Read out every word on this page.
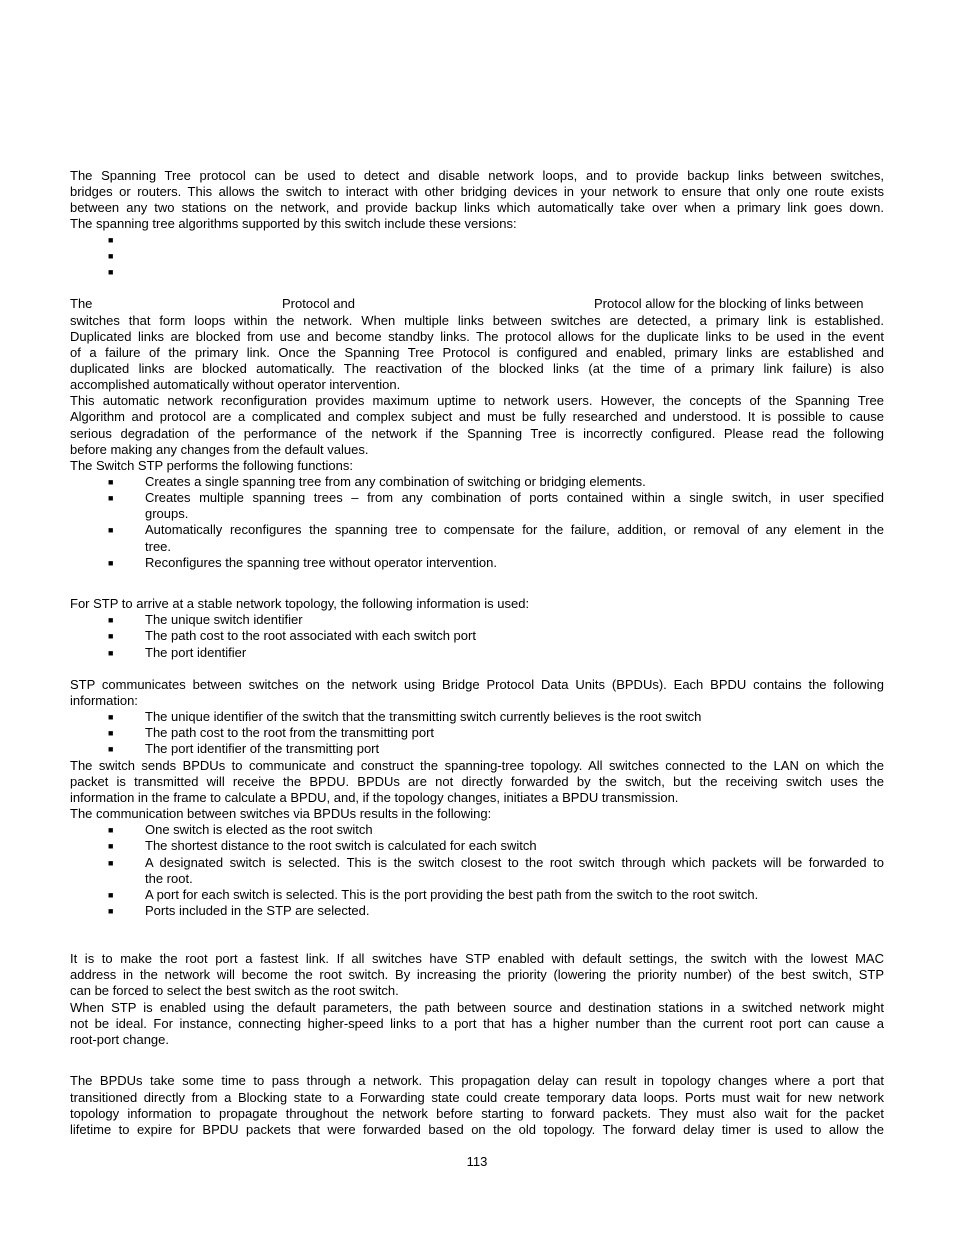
The Spanning Tree protocol can be used to detect and disable network loops, and to provide backup links between switches,
bridges or routers. This allows the switch to interact with other bridging devices in your network to ensure that only one route exists
between any two stations on the network, and provide backup links which automatically take over when a primary link goes down.
The spanning tree algorithms supported by this switch include these versions:
■
■
■
The	Protocol and	Protocol allow for the blocking of links between
switches that form loops within the network. When multiple links between switches are detected, a primary link is established.
Duplicated links are blocked from use and become standby links. The protocol allows for the duplicate links to be used in the event
of a failure of the primary link. Once the Spanning Tree Protocol is configured and enabled, primary links are established and
duplicated links are blocked automatically. The reactivation of the blocked links (at the time of a primary link failure) is also
accomplished automatically without operator intervention.
This automatic network reconfiguration provides maximum uptime to network users. However, the concepts of the Spanning Tree
Algorithm and protocol are a complicated and complex subject and must be fully researched and understood. It is possible to cause
serious degradation of the performance of the network if the Spanning Tree is incorrectly configured. Please read the following
before making any changes from the default values.
The Switch STP performs the following functions:
■ Creates a single spanning tree from any combination of switching or bridging elements.
■ Creates multiple spanning trees – from any combination of ports contained within a single switch, in user specified
groups.
■ Automatically reconfigures the spanning tree to compensate for the failure, addition, or removal of any element in the
tree.
■ Reconfigures the spanning tree without operator intervention.
For STP to arrive at a stable network topology, the following information is used:
■ The unique switch identifier
■ The path cost to the root associated with each switch port
■ The port identifier
STP communicates between switches on the network using Bridge Protocol Data Units (BPDUs). Each BPDU contains the following
information:
■ The unique identifier of the switch that the transmitting switch currently believes is the root switch
■ The path cost to the root from the transmitting port
■ The port identifier of the transmitting port
The switch sends BPDUs to communicate and construct the spanning-tree topology. All switches connected to the LAN on which the
packet is transmitted will receive the BPDU. BPDUs are not directly forwarded by the switch, but the receiving switch uses the
information in the frame to calculate a BPDU, and, if the topology changes, initiates a BPDU transmission.
The communication between switches via BPDUs results in the following:
■ One switch is elected as the root switch
■ The shortest distance to the root switch is calculated for each switch
■ A designated switch is selected. This is the switch closest to the root switch through which packets will be forwarded to
the root.
■ A port for each switch is selected. This is the port providing the best path from the switch to the root switch.
■ Ports included in the STP are selected.
It is to make the root port a fastest link. If all switches have STP enabled with default settings, the switch with the lowest MAC
address in the network will become the root switch. By increasing the priority (lowering the priority number) of the best switch, STP
can be forced to select the best switch as the root switch.
When STP is enabled using the default parameters, the path between source and destination stations in a switched network might
not be ideal. For instance, connecting higher-speed links to a port that has a higher number than the current root port can cause a
root-port change.
The BPDUs take some time to pass through a network. This propagation delay can result in topology changes where a port that
transitioned directly from a Blocking state to a Forwarding state could create temporary data loops. Ports must wait for new network
topology information to propagate throughout the network before starting to forward packets. They must also wait for the packet
lifetime to expire for BPDU packets that were forwarded based on the old topology. The forward delay timer is used to allow the
113
